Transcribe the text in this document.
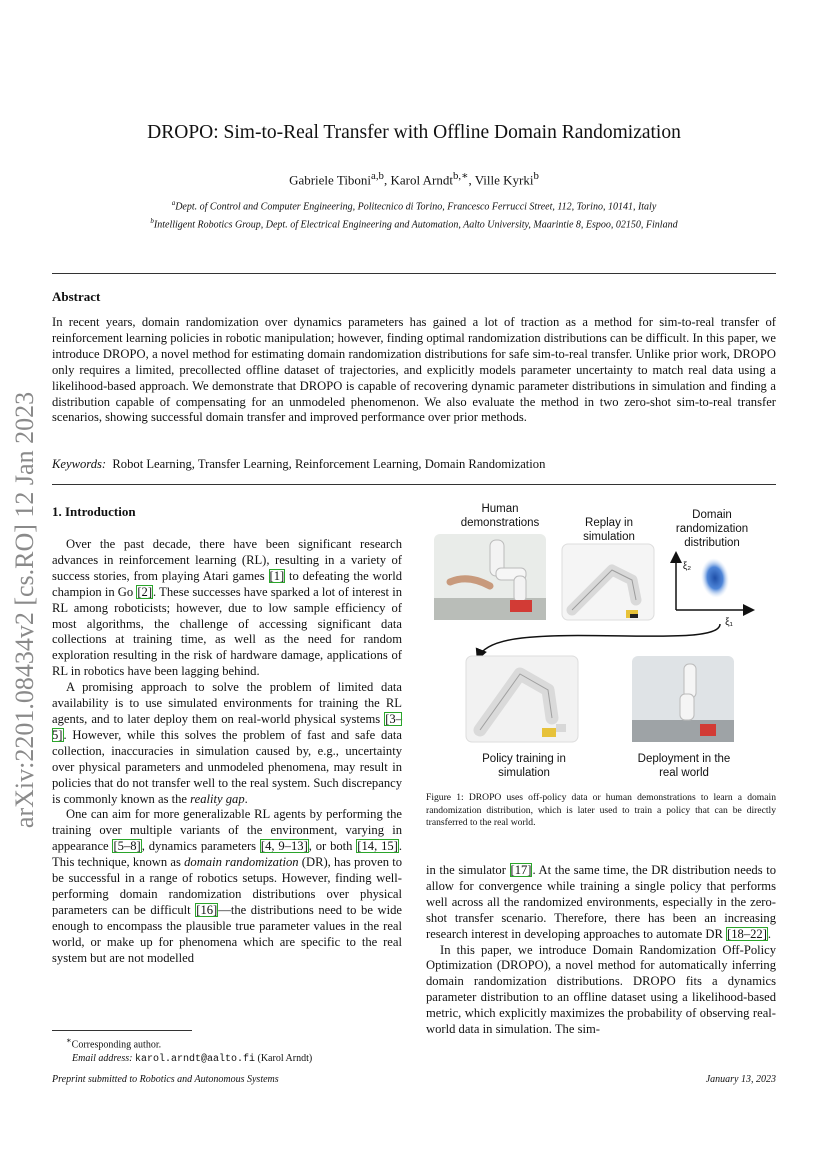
DROPO: Sim-to-Real Transfer with Offline Domain Randomization
Gabriele Tiboni$^{a,b}$, Karol Arndt$^{b,∗}$, Ville Kyrki$^b$
$^a$Dept. of Control and Computer Engineering, Politecnico di Torino, Francesco Ferrucci Street, 112, Torino, 10141, Italy
$^b$Intelligent Robotics Group, Dept. of Electrical Engineering and Automation, Aalto University, Maarintie 8, Espoo, 02150, Finland
Abstract
In recent years, domain randomization over dynamics parameters has gained a lot of traction as a method for sim-to-real transfer of reinforcement learning policies in robotic manipulation; however, finding optimal randomization distributions can be difficult. In this paper, we introduce DROPO, a novel method for estimating domain randomization distributions for safe sim-to-real transfer. Unlike prior work, DROPO only requires a limited, precollected offline dataset of trajectories, and explicitly models parameter uncertainty to match real data using a likelihood-based approach. We demonstrate that DROPO is capable of recovering dynamic parameter distributions in simulation and finding a distribution capable of compensating for an unmodeled phenomenon. We also evaluate the method in two zero-shot sim-to-real transfer scenarios, showing successful domain transfer and improved performance over prior methods.
Keywords: Robot Learning, Transfer Learning, Reinforcement Learning, Domain Randomization
arXiv:2201.08434v2 [cs.RO] 12 Jan 2023 1. Introduction

Over the past decade, there have been significant research advances in reinforcement learning (RL), resulting in a variety of success stories, from playing Atari games [1] to defeating the world champion in Go [2]. These successes have sparked a lot of interest in RL among roboticists; however, due to low sample efficiency of most algorithms, the challenge of accessing significant data collections at training time, as well as the need for random exploration resulting in the risk of hardware damage, applications of RL in robotics have been lagging behind.

A promising approach to solve the problem of limited data availability is to use simulated environments for training the RL agents, and to later deploy them on real-world physical systems [3–5]. However, while this solves the problem of fast and safe data collection, inaccuracies in simulation caused by, e.g., uncertainty over physical parameters and unmodeled phenomena, may result in policies that do not transfer well to the real system. Such discrepancy is commonly known as the reality gap.

One can aim for more generalizable RL agents by performing the training over multiple variants of the environment, varying in appearance [5–8], dynamics parameters [4, 9–13], or both [14, 15]. This technique, known as domain randomization (DR), has proven to be successful in a range of robotics setups. However, finding well-performing domain randomization distributions over physical parameters can be difficult [16]—the distributions need to be wide enough to encompass the plausible true parameter values in the real world, or make up for phenomena which are specific to the real system but are not modelled

Human demonstrations	Replay in simulation
Domain randomization distribution
ξ₂
ξ₁
Policy training in simulation
Deployment in the real world
Figure 1: DROPO uses off-policy data or human demonstrations to learn a domain randomization distribution, which is later used to train a policy that can be directly transferred to the real world.

in the simulator [17]. At the same time, the DR distribution needs to allow for convergence while training a single policy that performs well across all the randomized environments, especially in the zero-shot transfer scenario. Therefore, there has been an increasing research interest in developing approaches to automate DR [18–22].

In this paper, we introduce Domain Randomization Off-Policy Optimization (DROPO), a novel method for automatically inferring domain randomization distributions. DROPO fits a dynamics parameter distribution to an offline dataset using a likelihood-based metric, which explicitly maximizes the probability of observing real-world data in simulation. The sim-

∗Corresponding author.
Email address: karol.arndt@aalto.fi (Karol Arndt)
Preprint submitted to Robotics and Autonomous Systems	January 13, 2023
